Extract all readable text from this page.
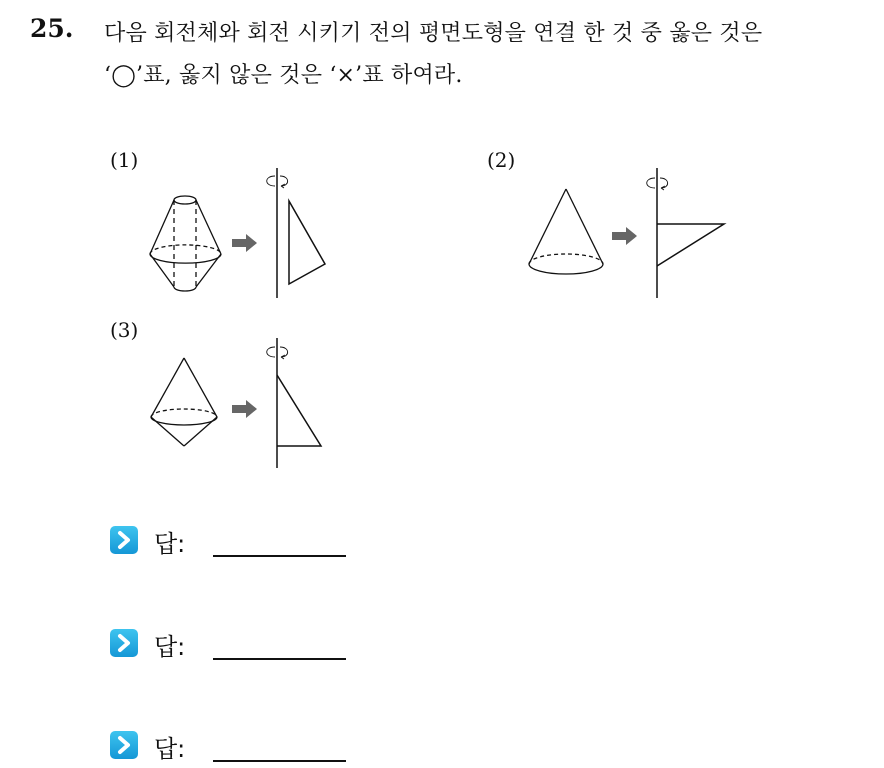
25. 다음 회전체와 회전 시키기 전의 평면도형을 연결 한 것 중 옳은 것은
‘◯’표, 옳지 않은 것은 ‘×’표 하여라.
(1)	(2)
(3)
답:
답:
답:
